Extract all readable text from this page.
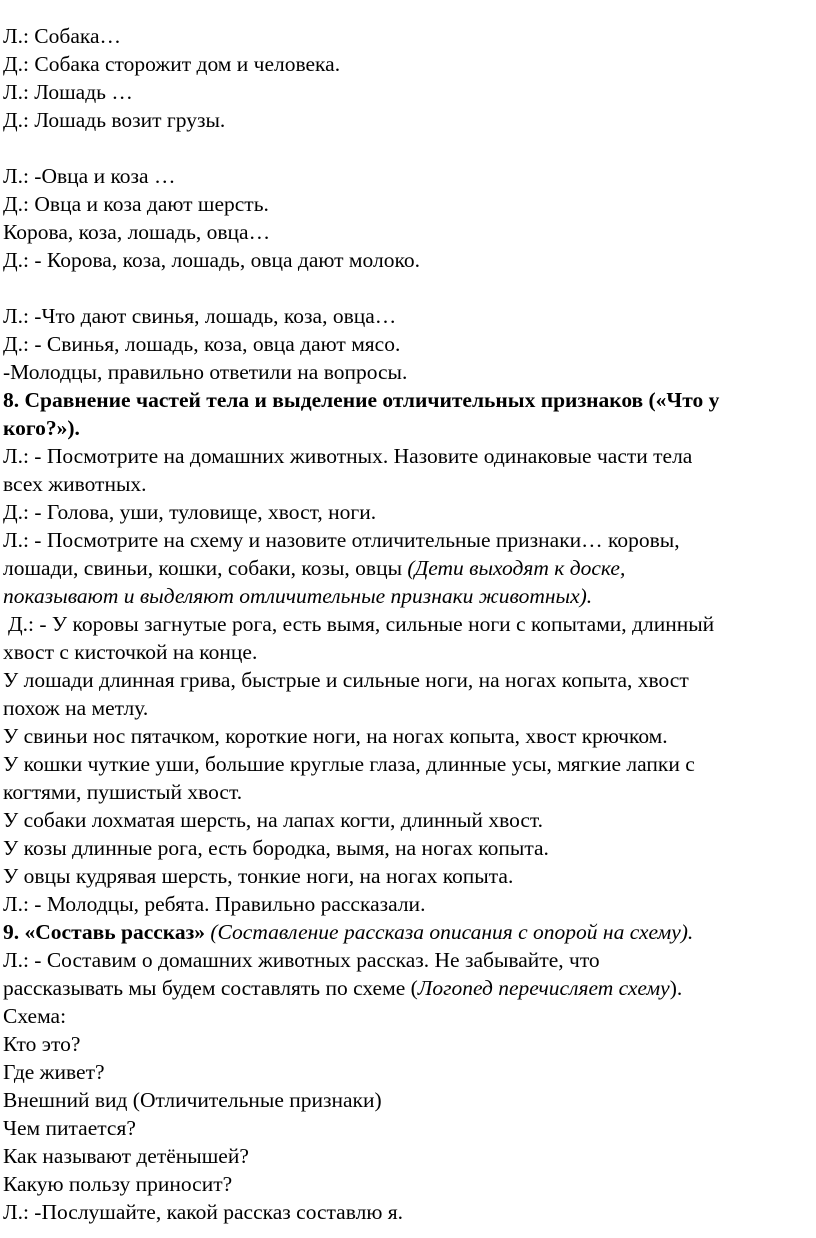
Л.: Собака…
Д.: Собака сторожит дом и человека.
Л.: Лошадь …
Д.: Лошадь возит грузы.
Л.: -Овца и коза …
Д.: Овца и коза дают шерсть.
Корова, коза, лошадь, овца…
Д.: - Корова, коза, лошадь, овца дают молоко.
Л.: -Что дают свинья, лошадь, коза, овца…
Д.: - Свинья, лошадь, коза, овца дают мясо.
-Молодцы, правильно ответили на вопросы.
8. Сравнение частей тела и выделение отличительных признаков («Что у
кого?»).
Л.: - Посмотрите на домашних животных. Назовите одинаковые части тела
всех животных.
Д.: - Голова, уши, туловище, хвост, ноги.
Л.: - Посмотрите на схему и назовите отличительные признаки… коровы,
лошади, свиньи, кошки, собаки, козы, овцы (Дети выходят к доске,
показывают и выделяют отличительные признаки животных).
Д.: - У коровы загнутые рога, есть вымя, сильные ноги с копытами, длинный
хвост с кисточкой на конце.
У лошади длинная грива, быстрые и сильные ноги, на ногах копыта, хвост
похож на метлу.
У свиньи нос пятачком, короткие ноги, на ногах копыта, хвост крючком.
У кошки чуткие уши, большие круглые глаза, длинные усы, мягкие лапки с
когтями, пушистый хвост.
У собаки лохматая шерсть, на лапах когти, длинный хвост.
У козы длинные рога, есть бородка, вымя, на ногах копыта.
У овцы кудрявая шерсть, тонкие ноги, на ногах копыта.
Л.: - Молодцы, ребята. Правильно рассказали.
9. «Составь рассказ» (Составление рассказа описания с опорой на схему).
Л.: - Составим о домашних животных рассказ. Не забывайте, что
рассказывать мы будем составлять по схеме (Логопед перечисляет схему).
Схема:
Кто это?
Где живет?
Внешний вид (Отличительные признаки)
Чем питается?
Как называют детёнышей?
Какую пользу приносит?
Л.: -Послушайте, какой рассказ составлю я.
